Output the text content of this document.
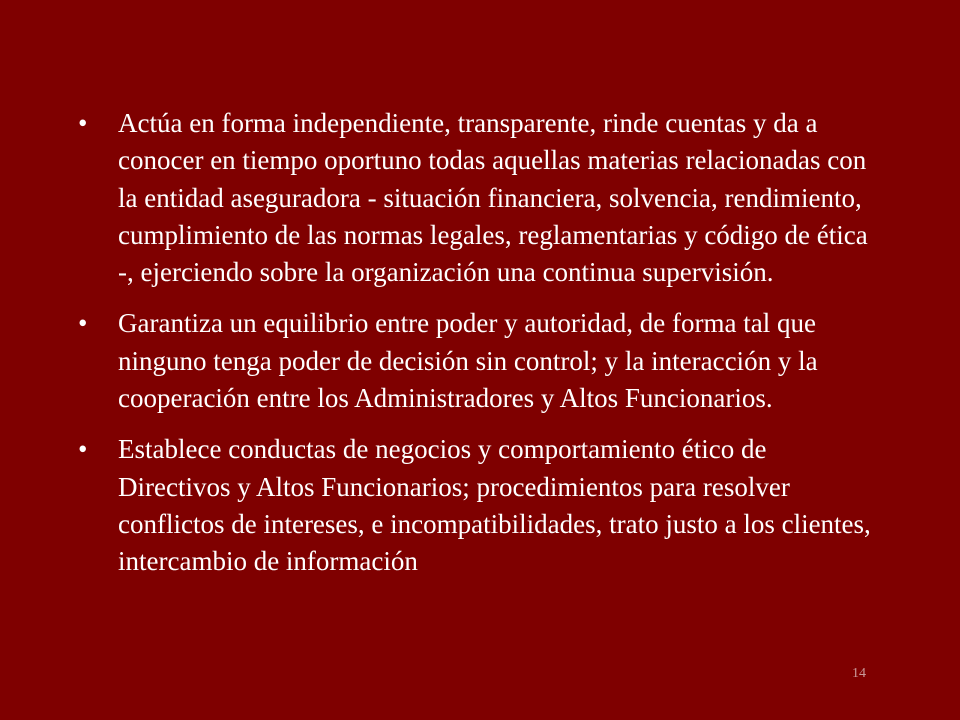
• Actúa en forma independiente, transparente, rinde cuentas y da a conocer en tiempo oportuno todas aquellas materias relacionadas con la entidad aseguradora - situación financiera, solvencia, rendimiento, cumplimiento de las normas legales, reglamentarias y código de ética -, ejerciendo sobre la organización una continua supervisión.
• Garantiza un equilibrio entre poder y autoridad, de forma tal que ninguno tenga poder de decisión sin control; y la interacción y la cooperación entre los Administradores y Altos Funcionarios.
• Establece conductas de negocios y comportamiento ético de Directivos y Altos Funcionarios; procedimientos para resolver conflictos de intereses, e incompatibilidades, trato justo a los clientes, intercambio de información
14
